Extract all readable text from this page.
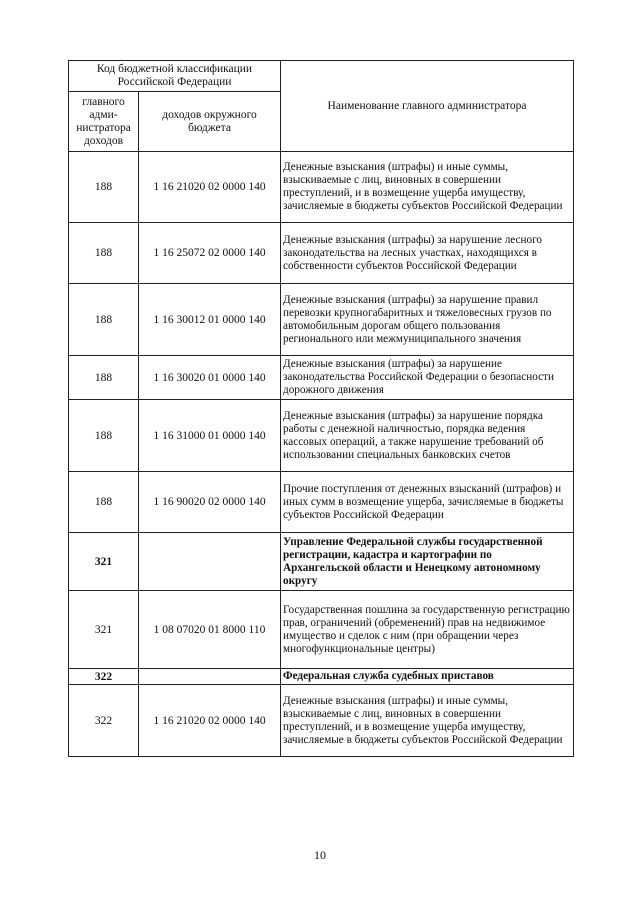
Код бюджетной классификации Российской Федерации		Наименование главного администратора
главного адми-нистратора доходов	доходов окружного бюджета	
188	1 16 21020 02 0000 140	Денежные взыскания (штрафы) и иные суммы, взыскиваемые с лиц, виновных в совершении преступлений, и в возмещение ущерба имуществу, зачисляемые в бюджеты субъектов Российской Федерации
188	1 16 25072 02 0000 140	Денежные взыскания (штрафы) за нарушение лесного законодательства на лесных участках, находящихся в собственности субъектов Российской Федерации
188	1 16 30012 01 0000 140	Денежные взыскания (штрафы) за нарушение правил перевозки крупногабаритных и тяжеловесных грузов по автомобильным дорогам общего пользования регионального или межмуниципального значения
188	1 16 30020 01 0000 140	Денежные взыскания (штрафы) за нарушение законодательства Российской Федерации о безопасности дорожного движения
188	1 16 31000 01 0000 140	Денежные взыскания (штрафы) за нарушение порядка работы с денежной наличностью, порядка ведения кассовых операций, а также нарушение требований об использовании специальных банковских счетов
188	1 16 90020 02 0000 140	Прочие поступления от денежных взысканий (штрафов) и иных сумм в возмещение ущерба, зачисляемые в бюджеты субъектов Российской Федерации
321		Управление Федеральной службы государственной регистрации, кадастра и картографии по Архангельской области и Ненецкому автономному округу
321	1 08 07020 01 8000 110	Государственная пошлина за государственную регистрацию прав, ограничений (обременений) прав на недвижимое имущество и сделок с ним (при обращении через многофункциональные центры)
322		Федеральная служба судебных приставов
322	1 16 21020 02 0000 140	Денежные взыскания (штрафы) и иные суммы, взыскиваемые с лиц, виновных в совершении преступлений, и в возмещение ущерба имуществу, зачисляемые в бюджеты субъектов Российской Федерации
10
